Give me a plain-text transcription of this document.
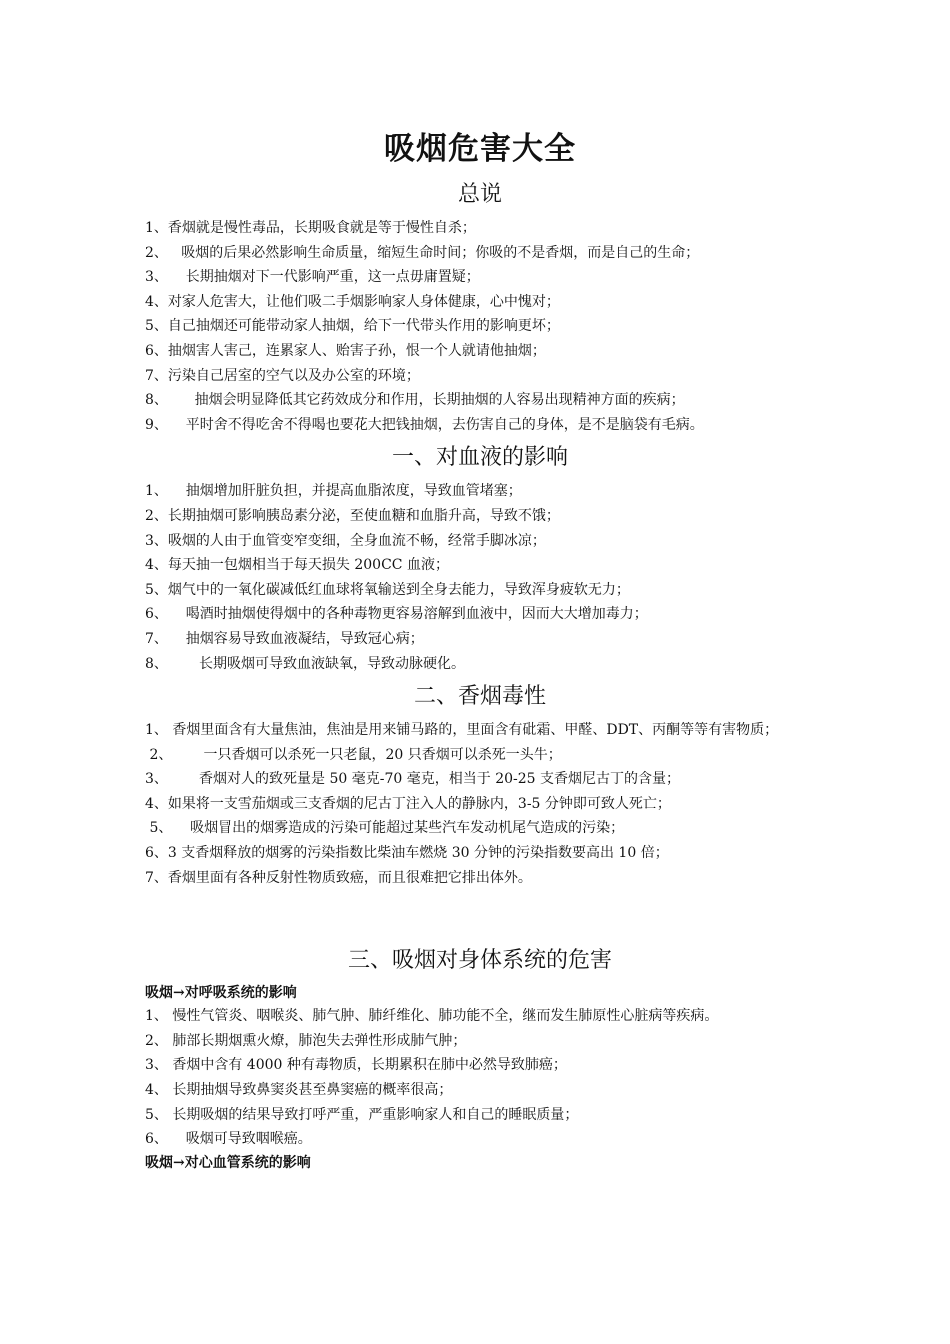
吸烟危害大全
总说

1、香烟就是慢性毒品，长期吸食就是等于慢性自杀；

2、   吸烟的后果必然影响生命质量，缩短生命时间；你吸的不是香烟，而是自己的生命；

3、    长期抽烟对下一代影响严重，这一点毋庸置疑；

4、对家人危害大，让他们吸二手烟影响家人身体健康，心中愧对；

5、自己抽烟还可能带动家人抽烟，给下一代带头作用的影响更坏；

6、抽烟害人害己，连累家人、贻害子孙，恨一个人就请他抽烟；

7、污染自己居室的空气以及办公室的环境；

8、      抽烟会明显降低其它药效成分和作用，长期抽烟的人容易出现精神方面的疾病；

9、    平时舍不得吃舍不得喝也要花大把钱抽烟，去伤害自己的身体，是不是脑袋有毛病。

一、对血液的影响

1、    抽烟增加肝脏负担，并提高血脂浓度，导致血管堵塞；

2、长期抽烟可影响胰岛素分泌，至使血糖和血脂升高，导致不饿；

3、吸烟的人由于血管变窄变细，全身血流不畅，经常手脚冰凉；

4、每天抽一包烟相当于每天损失 200CC 血液；

5、烟气中的一氧化碳减低红血球将氧输送到全身去能力，导致浑身疲软无力；

6、    喝酒时抽烟使得烟中的各种毒物更容易溶解到血液中，因而大大增加毒力；

7、    抽烟容易导致血液凝结，导致冠心病；

8、       长期吸烟可导致血液缺氧，导致动脉硬化。

二、香烟毒性

1、 香烟里面含有大量焦油，焦油是用来铺马路的，里面含有砒霜、甲醛、DDT、丙酮等等有害物质；

2、       一只香烟可以杀死一只老鼠，20 只香烟可以杀死一头牛；

3、       香烟对人的致死量是 50 毫克-70 毫克，相当于 20-25 支香烟尼古丁的含量；

4、如果将一支雪茄烟或三支香烟的尼古丁注入人的静脉内，3-5 分钟即可致人死亡；

5、    吸烟冒出的烟雾造成的污染可能超过某些汽车发动机尾气造成的污染；

6、3 支香烟释放的烟雾的污染指数比柴油车燃烧 30 分钟的污染指数要高出 10 倍；

7、香烟里面有各种反射性物质致癌，而且很难把它排出体外。

三、吸烟对身体系统的危害

吸烟→对呼吸系统的影响

1、 慢性气管炎、咽喉炎、肺气肿、肺纤维化、肺功能不全，继而发生肺原性心脏病等疾病。

2、 肺部长期烟熏火燎，肺泡失去弹性形成肺气肿；

3、 香烟中含有 4000 种有毒物质，长期累积在肺中必然导致肺癌；

4、 长期抽烟导致鼻窦炎甚至鼻窦癌的概率很高；

5、 长期吸烟的结果导致打呼严重，严重影响家人和自己的睡眠质量；

6、    吸烟可导致咽喉癌。

吸烟→对心血管系统的影响
